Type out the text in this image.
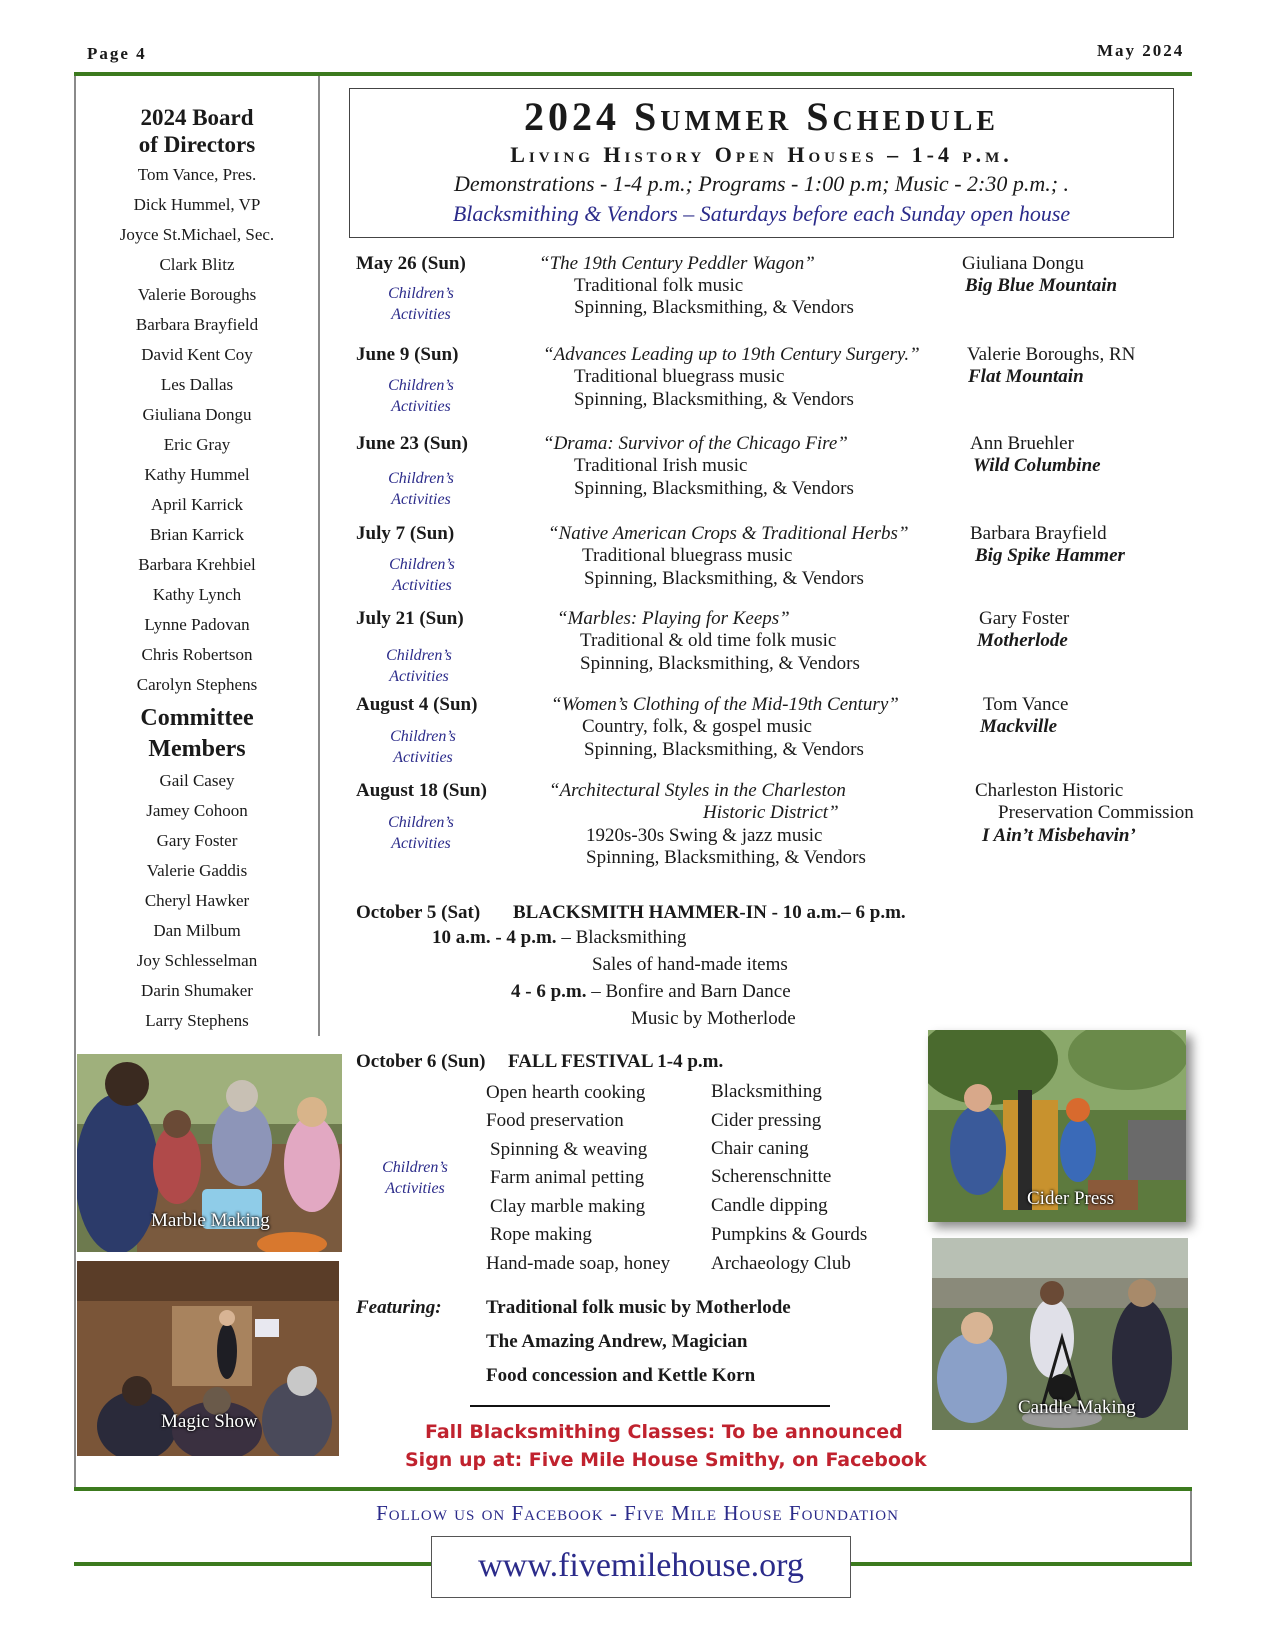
Page 4	May 2024
2024 Board
of Directors
Tom Vance, Pres.
Dick Hummel, VP
Joyce St.Michael, Sec.
Clark Blitz
Valerie Boroughs
Barbara Brayfield
David Kent Coy
Les Dallas
Giuliana Dongu
Eric Gray
Kathy Hummel
April Karrick
Brian Karrick
Barbara Krehbiel
Kathy Lynch
Lynne Padovan
Chris Robertson
Carolyn Stephens
Committee
Members
Gail Casey
Jamey Cohoon
Gary Foster
Valerie Gaddis
Cheryl Hawker
Dan Milbum
Joy Schlesselman
Darin Shumaker
Larry Stephens
2024 Summer Schedule
Living History Open Houses – 1-4 p.m.
Demonstrations - 1-4 p.m.; Programs - 1:00 p.m; Music - 2:30 p.m.; .
Blacksmithing & Vendors – Saturdays before each Sunday open house
May 26 (Sun)
Children’s
Activities
“The 19th Century Peddler Wagon”
Traditional folk music
Spinning, Blacksmithing, & Vendors
Giuliana Dongu
Big Blue Mountain
June 9 (Sun)
Children’s
Activities
“Advances Leading up to 19th Century Surgery.”
Traditional bluegrass music
Spinning, Blacksmithing, & Vendors
Valerie Boroughs, RN
Flat Mountain
June 23 (Sun)
Children’s
Activities
“Drama: Survivor of the Chicago Fire”
Traditional Irish music
Spinning, Blacksmithing, & Vendors
Ann Bruehler
Wild Columbine
July 7 (Sun)
Children’s
Activities
“Native American Crops & Traditional Herbs”
Traditional bluegrass music
Spinning, Blacksmithing, & Vendors
Barbara Brayfield
Big Spike Hammer
July 21 (Sun)
Children’s
Activities
“Marbles: Playing for Keeps”
Traditional & old time folk music
Spinning, Blacksmithing, & Vendors
Gary Foster
Motherlode
August 4 (Sun)
Children’s
Activities
“Women’s Clothing of the Mid-19th Century”
Country, folk, & gospel music
Spinning, Blacksmithing, & Vendors
Tom Vance
Mackville
August 18 (Sun)
Children’s
Activities
“Architectural Styles in the Charleston
Historic District”
1920s-30s Swing & jazz music
Spinning, Blacksmithing, & Vendors
Charleston Historic
Preservation Commission
I Ain’t Misbehavin’
October 5 (Sat) BLACKSMITH HAMMER-IN - 10 a.m.– 6 p.m.
10 a.m. - 4 p.m. – Blacksmithing
Sales of hand-made items
4 - 6 p.m. – Bonfire and Barn Dance
Music by Motherlode
October 6 (Sun) FALL FESTIVAL 1-4 p.m.
Children’s
Activities
Open hearth cooking
Food preservation
Spinning & weaving
Farm animal petting
Clay marble making
Rope making
Hand-made soap, honey
Blacksmithing
Cider pressing
Chair caning
Scherenschnitte
Candle dipping
Pumpkins & Gourds
Archaeology Club
Featuring: Traditional folk music by Motherlode
The Amazing Andrew, Magician
Food concession and Kettle Korn
Fall Blacksmithing Classes: To be announced
Sign up at: Five Mile House Smithy, on Facebook
Marble Making
Magic Show
Cider Press
Candle Making
Follow us on Facebook - Five Mile House Foundation
www.fivemilehouse.org
